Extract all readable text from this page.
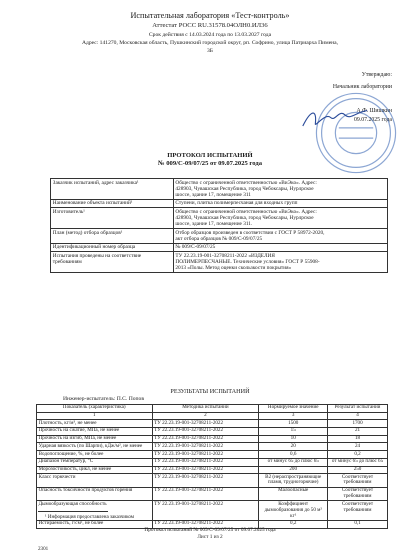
Испытательная лаборатория «Тест-контроль»
Аттестат РОСС RU.31578.04ОЛН0.ИЛ36
Срок действия с 14.03.2024 года по 13.03.2027 года
Адрес: 141270, Московская область, Пушкинский городской округ, рп. Софрино, улица Патриарха Пимена,
3Б
Утверждаю:
Начальник лаборатории
А.Ф. Шишкин
09.07.2025 года
ПРОТОКОЛ ИСПЫТАНИЙ
№ 009/С-09/07/25 от 09.07.2025 года
Заказчик испытаний, адрес заказчика¹	Общество с ограниченной ответственностью «ВиЭко». Адрес:
428903, Чувашская Республика, город Чебоксары, Нурлрское
шоссе, здание 17, помещение 311

Наименование объекта испытаний¹	Ступени, плитка полимерпесчаная для входных групп

Изготовитель¹	Общество с ограниченной ответственностью «ВиЭко». Адрес:
428903, Чувашская Республика, город Чебоксары, Нурлрское
шоссе, здание 17, помещение 311.

План (метод) отбора образцов¹	Отбор образцов произведен в соответствии с ГОСТ Р 58972-2020,
акт отбора образцов № 009/С-09/07/25

Идентификационный номер образца	№ 009/С-09/07/25

Испытания проведены на соответствие требованиям	ТУ 22.23.19-001-32708211-2022 «ИЗДЕЛИЯ
ПОЛИМЕРПЕСЧАНЫЕ. Технические условия» ГОСТ Р 55908-
2013 «Полы. Метод оценки скользкости покрытия»
РЕЗУЛЬТАТЫ ИСПЫТАНИЙ
Инженер-испытатель: П.С. Попов
Показатель (характеристика)	Методика испытаний	Нормируемое значение	Результат испытаний
1	2	3	4
Плотность, кг/м³, не менее	ТУ 22.23.19-001-32708211-2022	1500	1700
Прочность на сжатие, МПа, не менее	ТУ 22.23.19-001-32708211-2022	15	21
Прочность на изгиб, МПа, не менее	ТУ 22.23.19-001-32708211-2022	10	18
Ударная вязкость (по Шарпи), кДж/м², не менее	ТУ 22.23.19-001-32708211-2022	20	24
Водопоглощение, %, не более	ТУ 22.23.19-001-32708211-2022	0,6	0,2
Диапазон температур, °С	ТУ 22.23.19-001-32708211-2022	от минус 65 до плюс 65	от минус 65 до плюс 65
Морозостойкость, цикл, не менее	ТУ 22.23.19-001-32708211-2022	200	250
Класс горючести	ТУ 22.23.19-001-32708211-2022	В2 (нераспространяющие пламя, трудногорючие)	Соответствует требованиям
Опасность токсичности продуктов горения	ТУ 22.23.19-001-32708211-2022	Малоопасные	Соответствует требованиям
Дымообразующая способность	ТУ 22.23.19-001-32708211-2022	Коэффициент дымообразования до 50 м² кг¹	Соответствует требованиям
Истираемость, г/см², не более	ТУ 22.23.19-001-32708211-2022	0,2	0,1
¹ Информация предоставлена заказчиком
Протокол испытаний № 009/С-09/07/25 от 09.07.2025 года
Лист 1 из 2
2301
